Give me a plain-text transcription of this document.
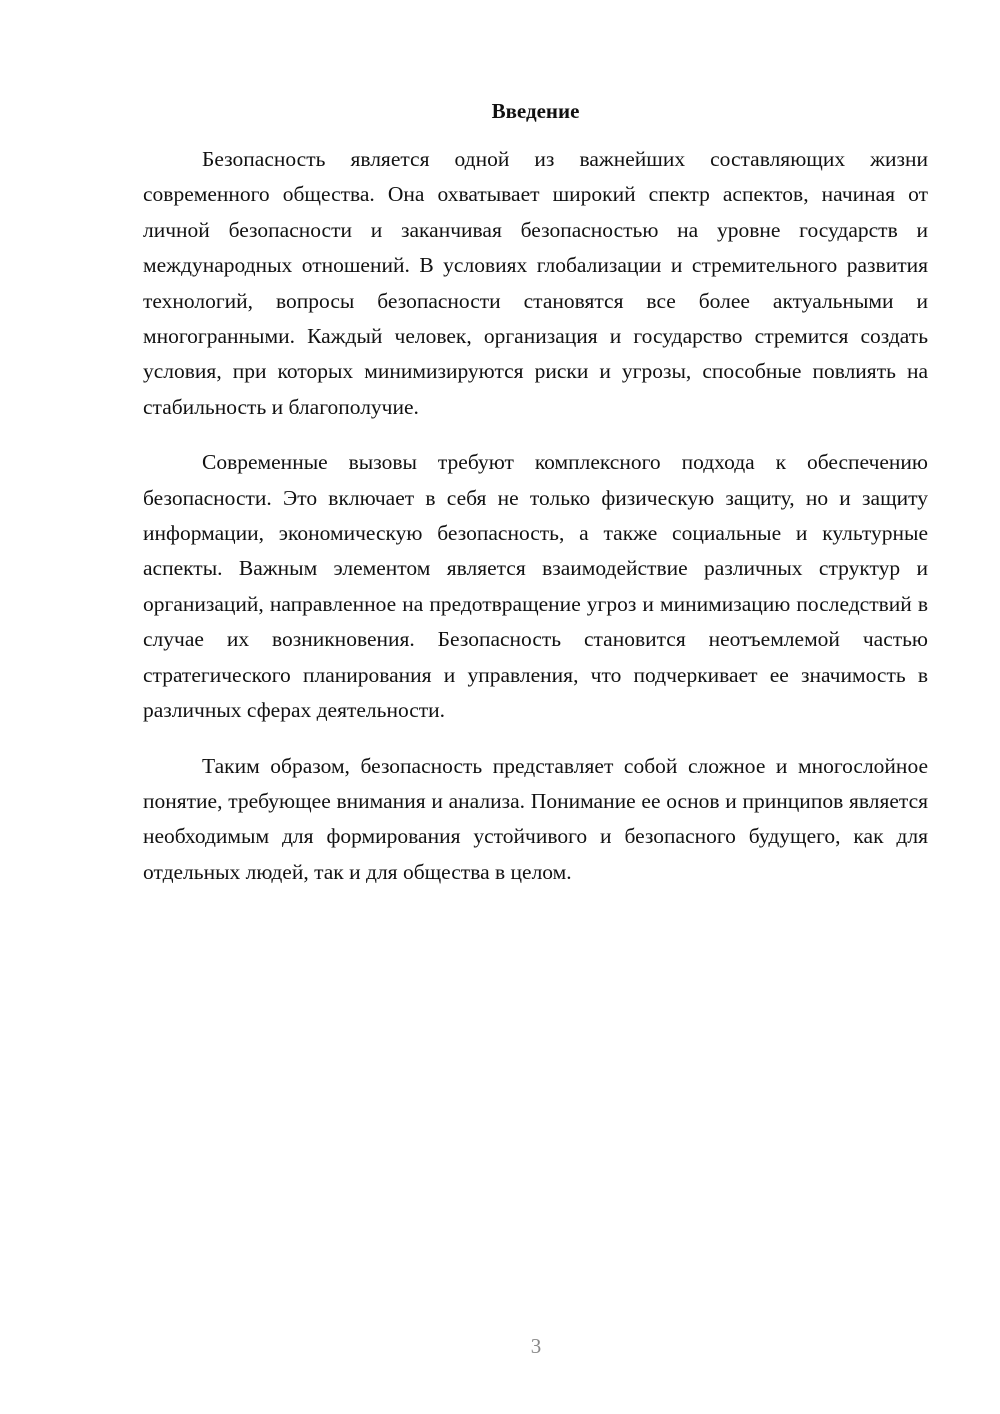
Введение

Безопасность является одной из важнейших составляющих жизни современного общества. Она охватывает широкий спектр аспектов, начиная от личной безопасности и заканчивая безопасностью на уровне государств и международных отношений. В условиях глобализации и стремительного развития технологий, вопросы безопасности становятся все более актуальными и многогранными. Каждый человек, организация и государство стремится создать условия, при которых минимизируются риски и угрозы, способные повлиять на стабильность и благополучие.

Современные вызовы требуют комплексного подхода к обеспечению безопасности. Это включает в себя не только физическую защиту, но и защиту информации, экономическую безопасность, а также социальные и культурные аспекты. Важным элементом является взаимодействие различных структур и организаций, направленное на предотвращение угроз и минимизацию последствий в случае их возникновения. Безопасность становится неотъемлемой частью стратегического планирования и управления, что подчеркивает ее значимость в различных сферах деятельности.

Таким образом, безопасность представляет собой сложное и многослойное понятие, требующее внимания и анализа. Понимание ее основ и принципов является необходимым для формирования устойчивого и безопасного будущего, как для отдельных людей, так и для общества в целом.

3
